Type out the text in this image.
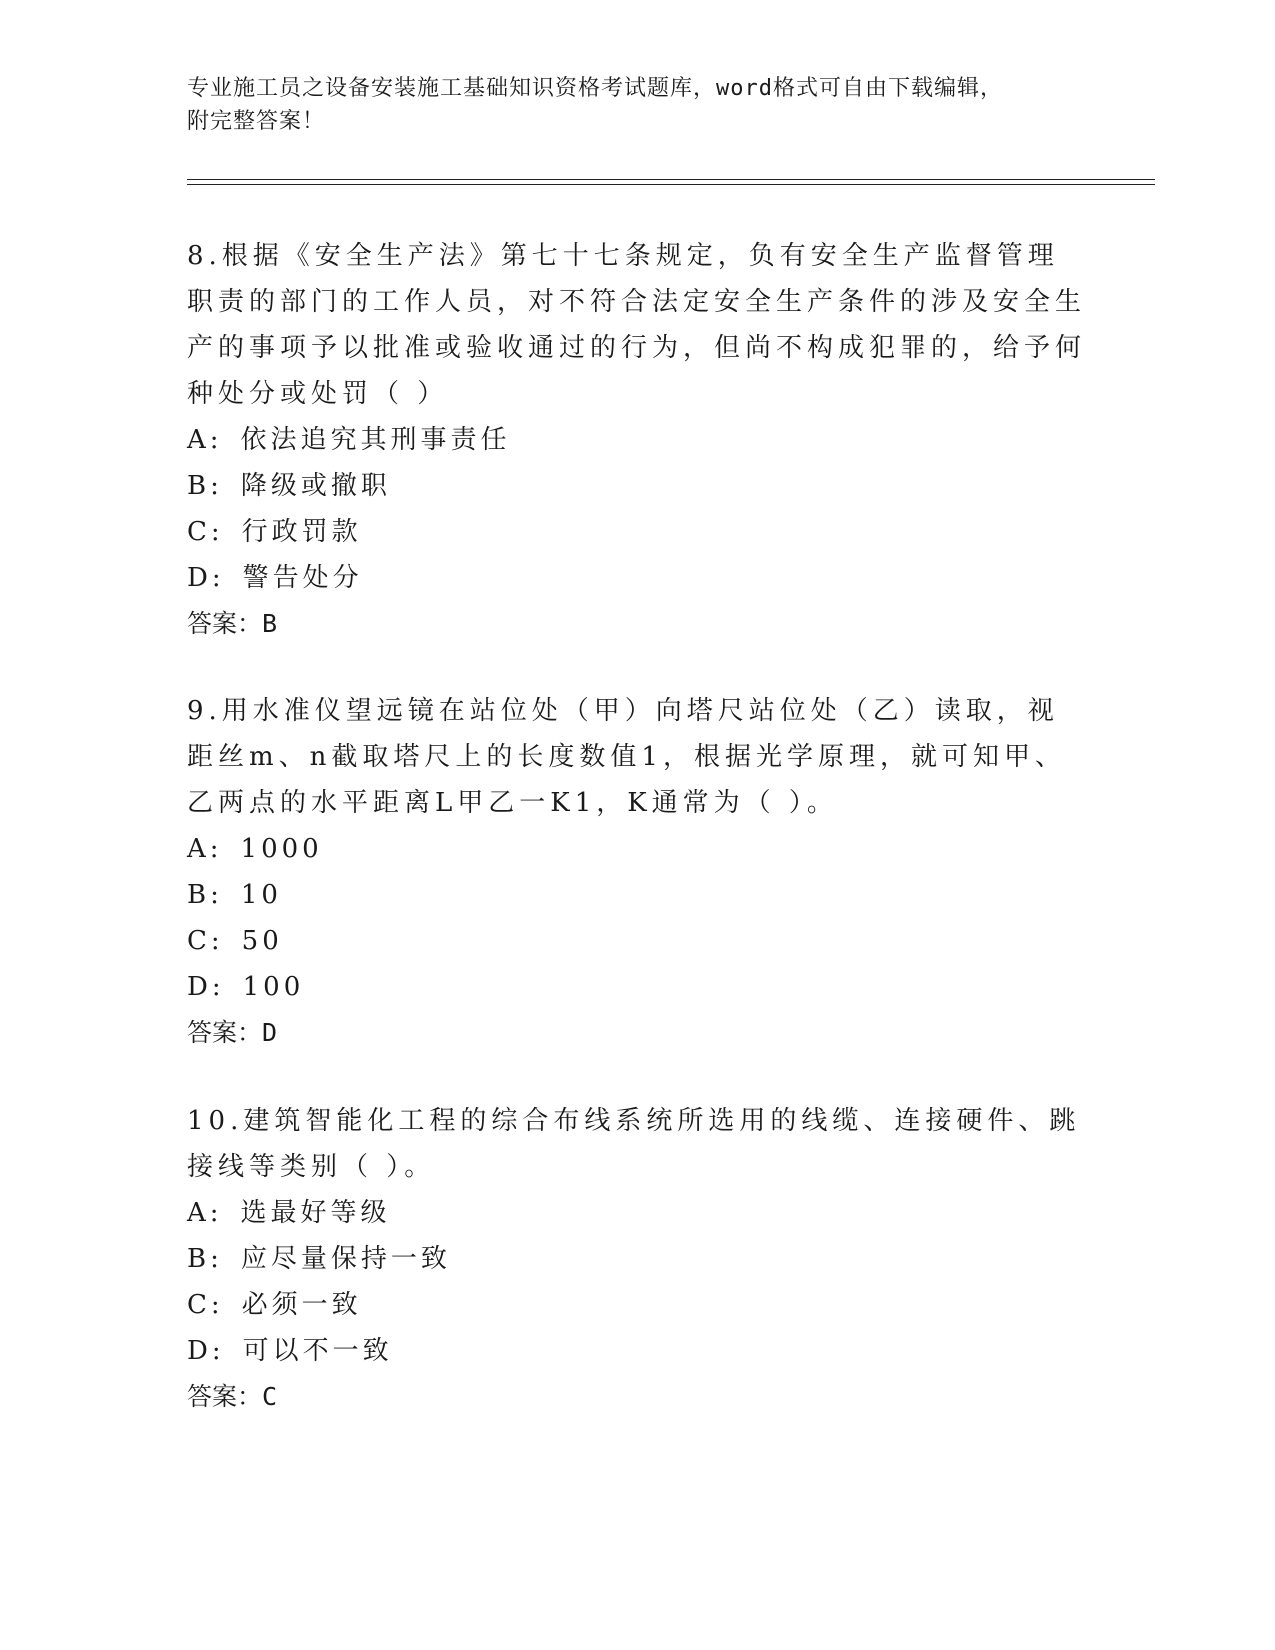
专业施工员之设备安装施工基础知识资格考试题库，word格式可自由下载编辑，
附完整答案！

8.根据《安全生产法》第七十七条规定，负有安全生产监督管理职责的部门的工作人员，对不符合法定安全生产条件的涉及安全生产的事项予以批准或验收通过的行为，但尚不构成犯罪的，给予何种处分或处罚（ ）

A: 依法追究其刑事责任

B: 降级或撤职

C: 行政罚款

D: 警告处分

答案：B

9.用水准仪望远镜在站位处（甲）向塔尺站位处（乙）读取，视距丝m、n截取塔尺上的长度数值1，根据光学原理，就可知甲、乙两点的水平距离L甲乙一K1，K通常为（ ）。

A: 1000

B: 10

C: 50

D: 100

答案：D

10.建筑智能化工程的综合布线系统所选用的线缆、连接硬件、跳接线等类别（ ）。

A: 选最好等级

B: 应尽量保持一致

C: 必须一致

D: 可以不一致

答案：C
